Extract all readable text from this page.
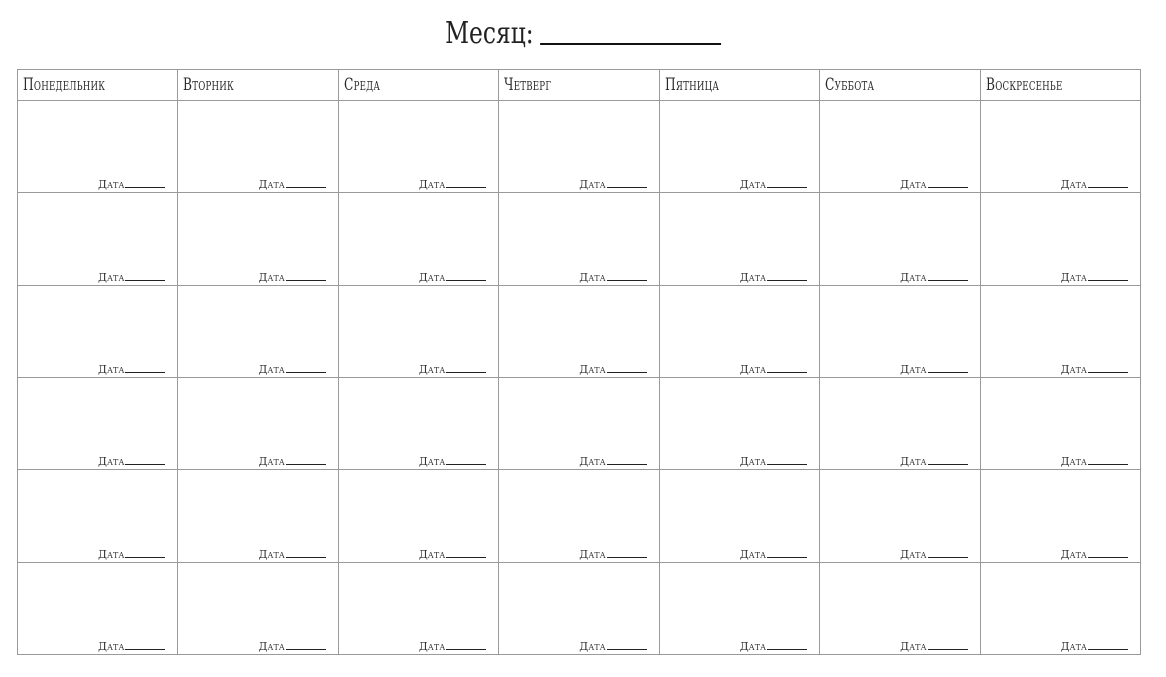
Месяц:
Понедельник	Вторник	Среда	Четверг	Пятница	Суббота	Воскресенье

Дата	Дата	Дата	Дата	Дата	Дата	Дата

Дата	Дата	Дата	Дата	Дата	Дата	Дата

Дата	Дата	Дата	Дата	Дата	Дата	Дата

Дата	Дата	Дата	Дата	Дата	Дата	Дата

Дата	Дата	Дата	Дата	Дата	Дата	Дата

Дата	Дата	Дата	Дата	Дата	Дата	Дата
